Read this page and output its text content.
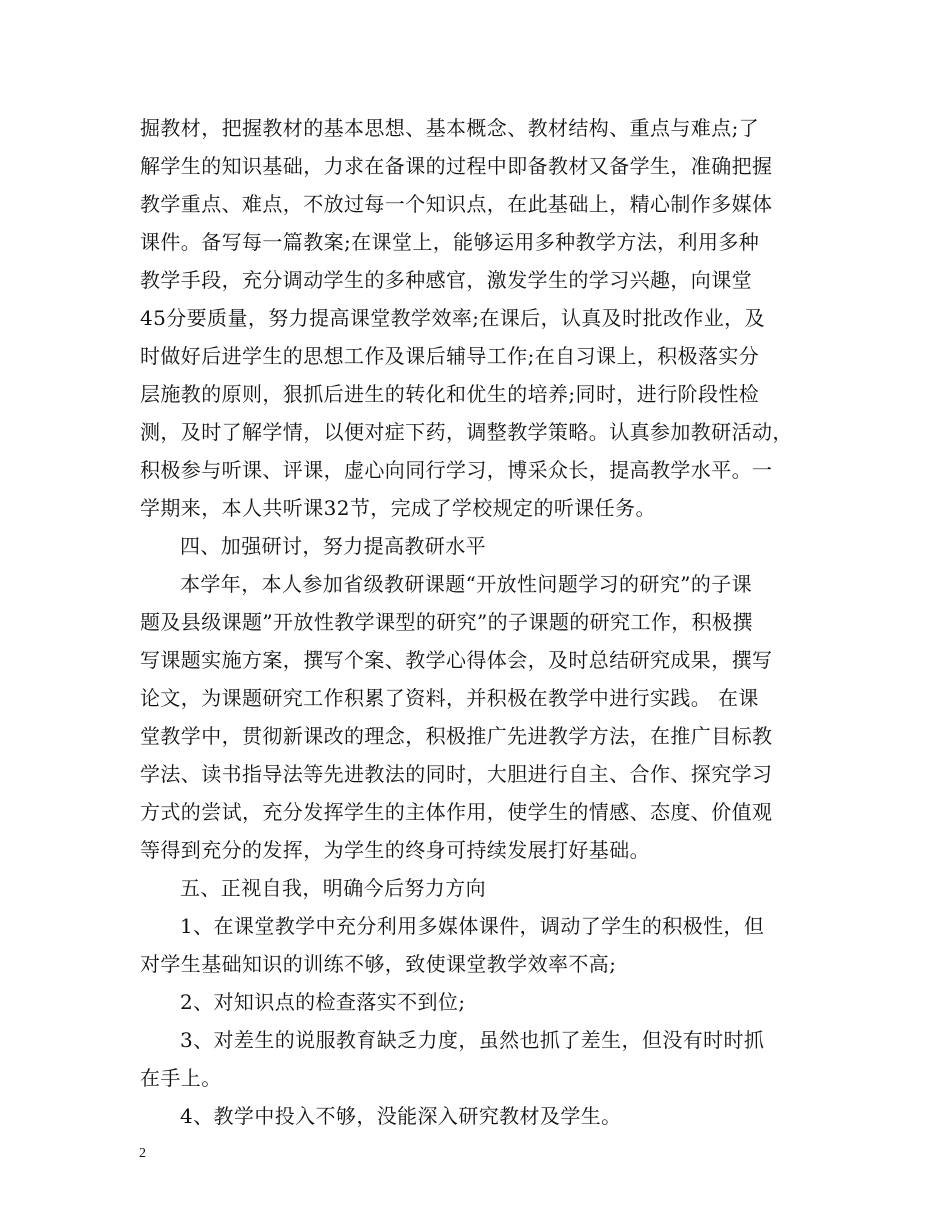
掘教材，把握教材的基本思想、基本概念、教材结构、重点与难点;了
解学生的知识基础，力求在备课的过程中即备教材又备学生，准确把握
教学重点、难点，不放过每一个知识点，在此基础上，精心制作多媒体
课件。备写每一篇教案;在课堂上，能够运用多种教学方法，利用多种
教学手段，充分调动学生的多种感官，激发学生的学习兴趣，向课堂
45分要质量，努力提高课堂教学效率;在课后，认真及时批改作业，及
时做好后进学生的思想工作及课后辅导工作;在自习课上，积极落实分
层施教的原则，狠抓后进生的转化和优生的培养;同时，进行阶段性检
测，及时了解学情，以便对症下药，调整教学策略。认真参加教研活动，
积极参与听课、评课，虚心向同行学习，博采众长，提高教学水平。一
学期来，本人共听课32节，完成了学校规定的听课任务。
四、加强研讨，努力提高教研水平
本学年，本人参加省级教研课题“开放性问题学习的研究”的子课
题及县级课题”开放性教学课型的研究”的子课题的研究工作，积极撰
写课题实施方案，撰写个案、教学心得体会，及时总结研究成果，撰写
论文，为课题研究工作积累了资料，并积极在教学中进行实践。 在课
堂教学中，贯彻新课改的理念，积极推广先进教学方法，在推广目标教
学法、读书指导法等先进教法的同时，大胆进行自主、合作、探究学习
方式的尝试，充分发挥学生的主体作用，使学生的情感、态度、价值观
等得到充分的发挥，为学生的终身可持续发展打好基础。
五、正视自我，明确今后努力方向
1、在课堂教学中充分利用多媒体课件，调动了学生的积极性，但
对学生基础知识的训练不够，致使课堂教学效率不高;
2、对知识点的检查落实不到位;
3、对差生的说服教育缺乏力度，虽然也抓了差生，但没有时时抓
在手上。
4、教学中投入不够，没能深入研究教材及学生。
2
